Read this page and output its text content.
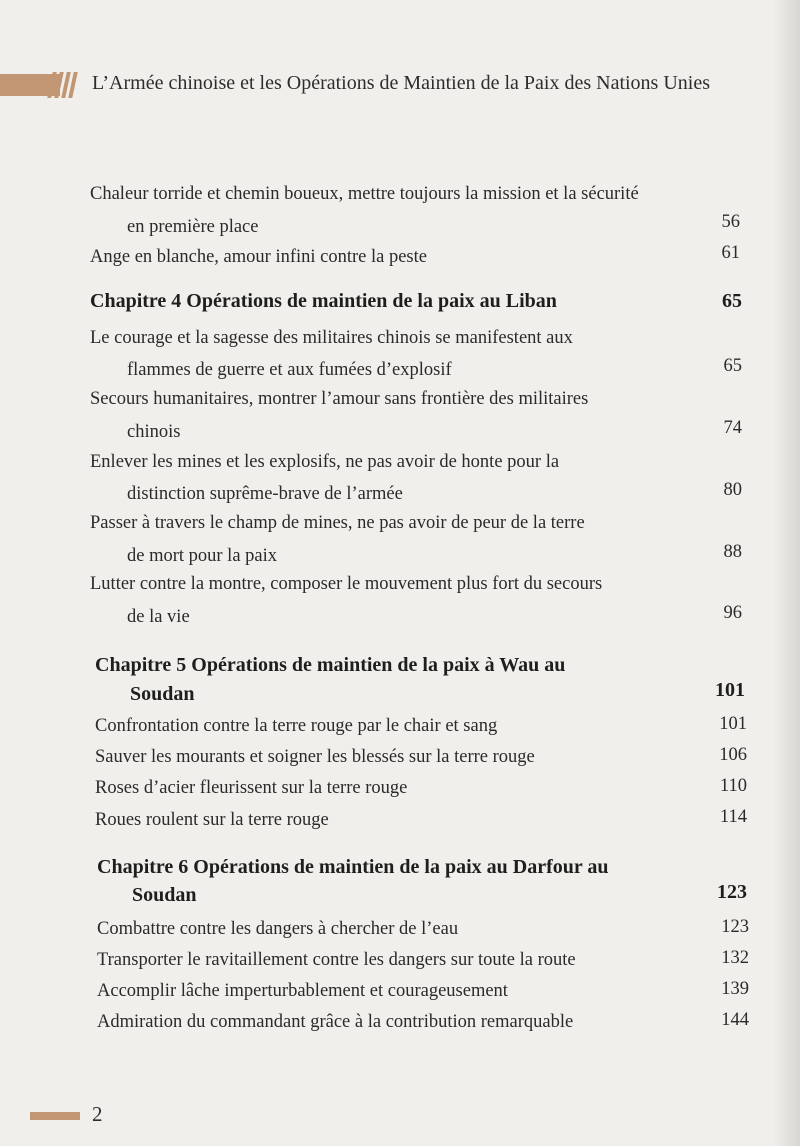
L’Armée chinoise et les Opérations de Maintien de la Paix des Nations Unies
Chaleur torride et chemin boueux, mettre toujours la mission et la sécurité
en première place	56
Ange en blanche, amour infini contre la peste	61
Chapitre 4 Opérations de maintien de la paix au Liban	65
Le courage et la sagesse des militaires chinois se manifestent aux
flammes de guerre et aux fumées d’explosif	65
Secours humanitaires, montrer l’amour sans frontière des militaires
chinois	74
Enlever les mines et les explosifs, ne pas avoir de honte pour la
distinction suprême-brave de l’armée	80
Passer à travers le champ de mines, ne pas avoir de peur de la terre
de mort pour la paix	88
Lutter contre la montre, composer le mouvement plus fort du secours
de la vie	96
Chapitre 5 Opérations de maintien de la paix à Wau au
Soudan	101
Confrontation contre la terre rouge par le chair et sang	101
Sauver les mourants et soigner les blessés sur la terre rouge	106
Roses d’acier fleurissent sur la terre rouge	110
Roues roulent sur la terre rouge	114
Chapitre 6 Opérations de maintien de la paix au Darfour au
Soudan	123
Combattre contre les dangers à chercher de l’eau	123
Transporter le ravitaillement contre les dangers sur toute la route	132
Accomplir lâche imperturbablement et courageusement	139
Admiration du commandant grâce à la contribution remarquable	144
2
